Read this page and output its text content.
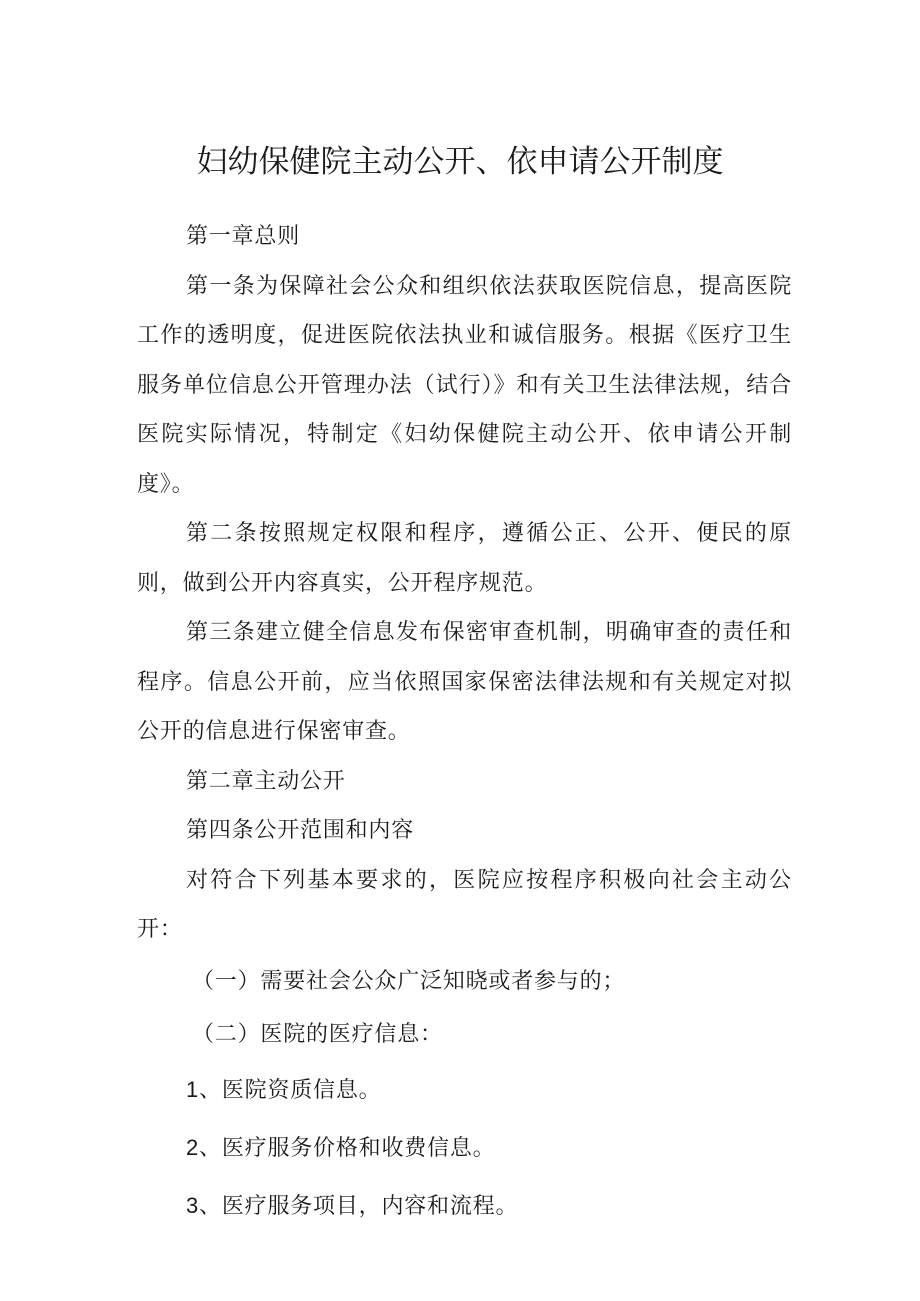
妇幼保健院主动公开、依申请公开制度

第一章总则

第一条为保障社会公众和组织依法获取医院信息，提高医院工作的透明度，促进医院依法执业和诚信服务。根据《医疗卫生服务单位信息公开管理办法（试行）》和有关卫生法律法规，结合医院实际情况，特制定《妇幼保健院主动公开、依申请公开制度》。

第二条按照规定权限和程序，遵循公正、公开、便民的原则，做到公开内容真实，公开程序规范。

第三条建立健全信息发布保密审查机制，明确审查的责任和程序。信息公开前，应当依照国家保密法律法规和有关规定对拟公开的信息进行保密审查。

第二章主动公开

第四条公开范围和内容

对符合下列基本要求的，医院应按程序积极向社会主动公开：

（一）需要社会公众广泛知晓或者参与的；

（二）医院的医疗信息：

1、医院资质信息。

2、医疗服务价格和收费信息。

3、医疗服务项目，内容和流程。
